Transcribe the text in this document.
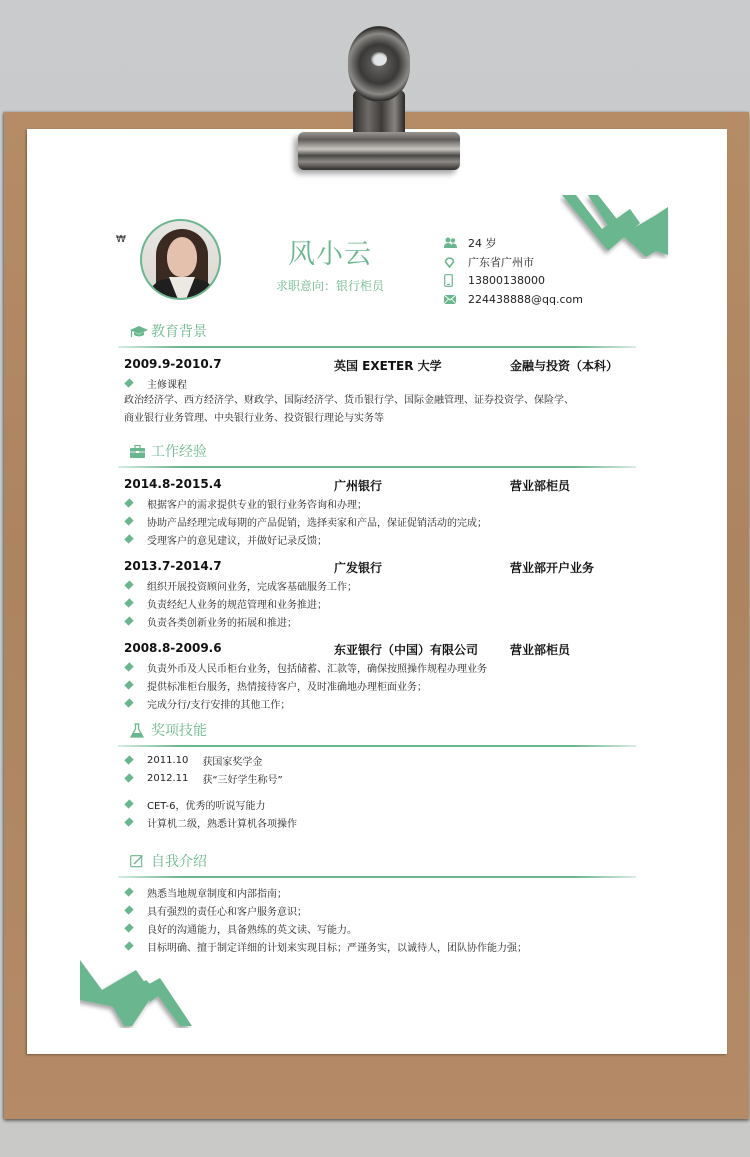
₩	风小云
求职意向：银行柜员
24 岁
广东省广州市
13800138000
224438888@qq.com
教育背景
2009.9-2010.7	英国 EXETER 大学	金融与投资（本科）
主修课程
政治经济学、西方经济学、财政学、国际经济学、货币银行学、国际金融管理、证券投资学、保险学、
商业银行业务管理、中央银行业务、投资银行理论与实务等
工作经验
2014.8-2015.4	广州银行	营业部柜员
根据客户的需求提供专业的银行业务咨询和办理；
协助产品经理完成每期的产品促销，选择卖家和产品，保证促销活动的完成；
受理客户的意见建议，并做好记录反馈；
2013.7-2014.7	广发银行	营业部开户业务
组织开展投资顾问业务，完成客基础服务工作；
负责经纪人业务的规范管理和业务推进；
负责各类创新业务的拓展和推进；
2008.8-2009.6	东亚银行（中国）有限公司	营业部柜员
负责外币及人民币柜台业务，包括储蓄、汇款等，确保按照操作规程办理业务
提供标准柜台服务，热情接待客户，及时准确地办理柜面业务；
完成分行/支行安排的其他工作；
奖项技能
2011.10 获国家奖学金
2012.11 获“三好学生称号”
CET-6，优秀的听说写能力
计算机二级，熟悉计算机各项操作
自我介绍
熟悉当地规章制度和内部指南；
具有强烈的责任心和客户服务意识；
良好的沟通能力，具备熟练的英文读、写能力。
目标明确、擅于制定详细的计划来实现目标；严谨务实，以诚待人，团队协作能力强；
